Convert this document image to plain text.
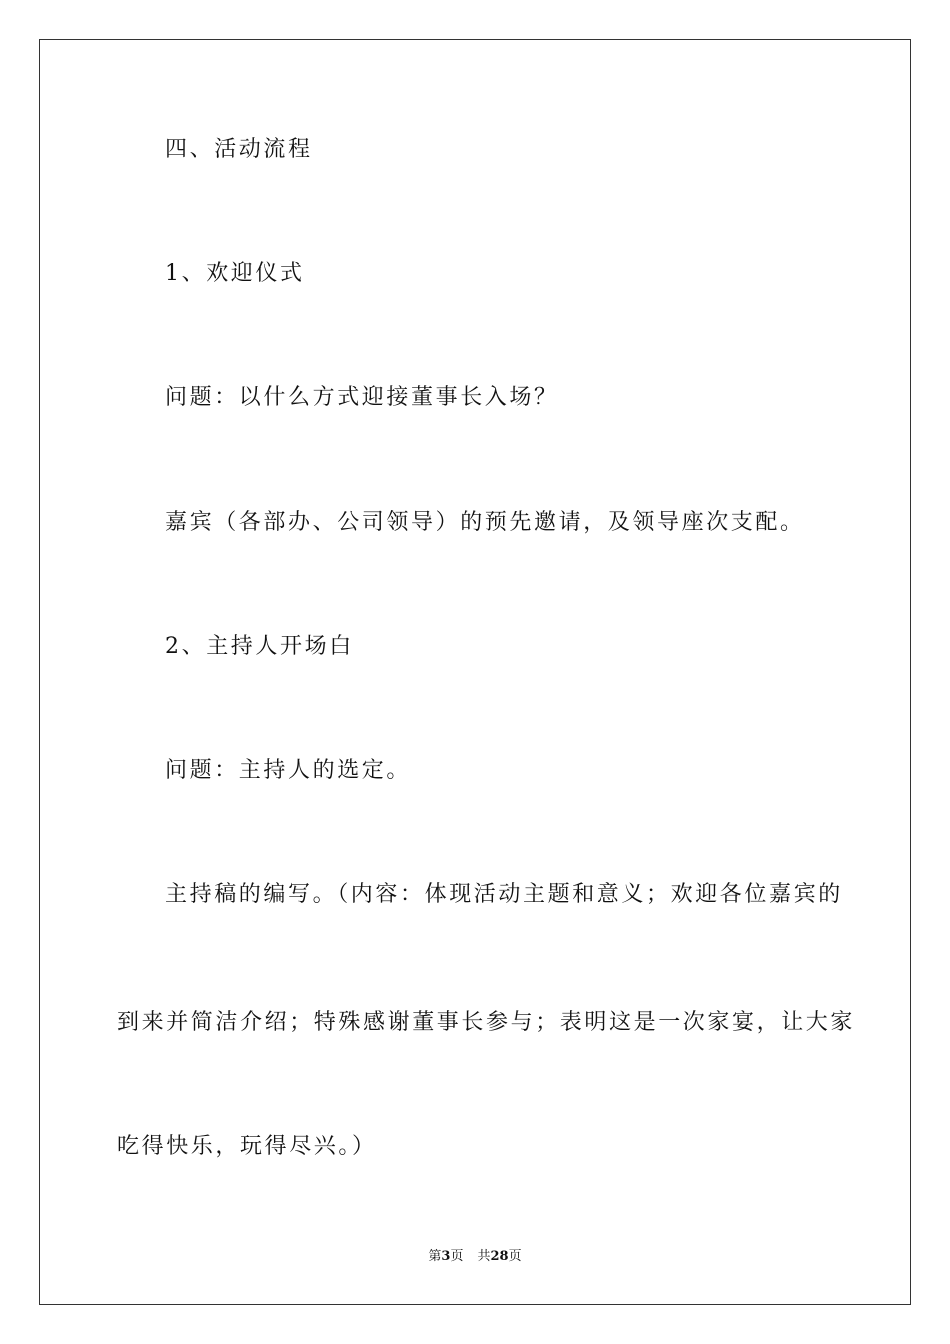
四、活动流程
1、欢迎仪式
问题：以什么方式迎接董事长入场？
嘉宾（各部办、公司领导）的预先邀请，及领导座次支配。
2、主持人开场白
问题：主持人的选定。
主持稿的编写。（内容：体现活动主题和意义；欢迎各位嘉宾的
到来并简洁介绍；特殊感谢董事长参与；表明这是一次家宴，让大家
吃得快乐，玩得尽兴。）
第3页 共28页
